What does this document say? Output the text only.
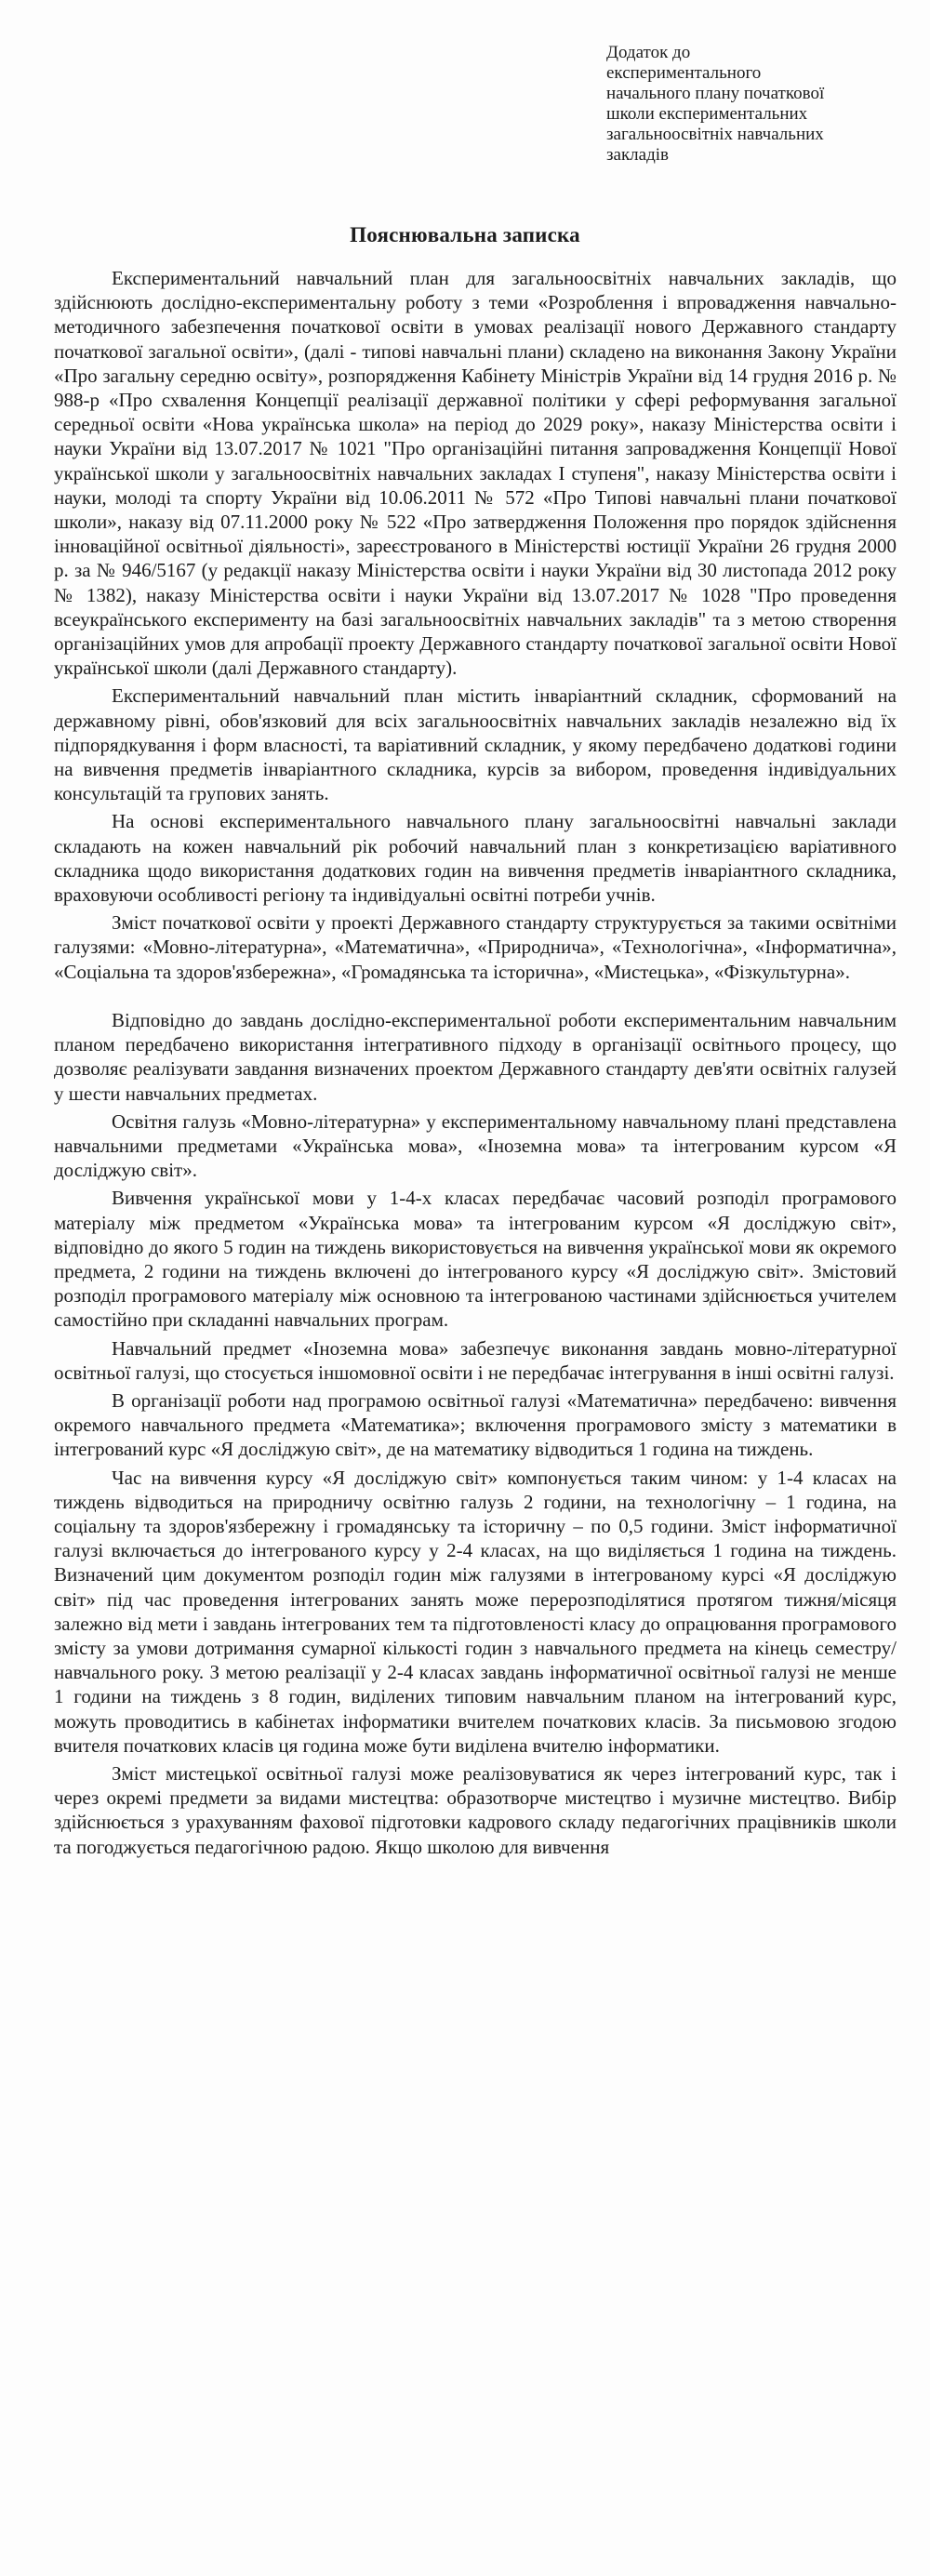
Додаток до
експериментального
начального плану початкової
школи експериментальних
загальноосвітніх навчальних
закладів
Пояснювальна записка

Експериментальний навчальний план для загальноосвітніх навчальних закладів, що здійснюють дослідно-експериментальну роботу з теми «Розроблення і впровадження навчально-методичного забезпечення початкової освіти в умовах реалізації нового Державного стандарту початкової загальної освіти», (далі - типові навчальні плани) складено на виконання Закону України «Про загальну середню освіту», розпорядження Кабінету Міністрів України від 14 грудня 2016 р. № 988-р «Про схвалення Концепції реалізації державної політики у сфері реформування загальної середньої освіти «Нова українська школа» на період до 2029 року», наказу Міністерства освіти і науки України від 13.07.2017 № 1021 "Про організаційні питання запровадження Концепції Нової української школи у загальноосвітніх навчальних закладах I ступеня", наказу Міністерства освіти і науки, молоді та спорту України від 10.06.2011 № 572 «Про Типові навчальні плани початкової школи», наказу від 07.11.2000 року № 522 «Про затвердження Положення про порядок здійснення інноваційної освітньої діяльності», зареєстрованого в Міністерстві юстиції України 26 грудня 2000 р. за № 946/5167 (у редакції наказу Міністерства освіти і науки України від 30 листопада 2012 року № 1382), наказу Міністерства освіти і науки України від 13.07.2017 № 1028 "Про проведення всеукраїнського експерименту на базі загальноосвітніх навчальних закладів" та з метою створення організаційних умов для апробації проекту Державного стандарту початкової загальної освіти Нової української школи (далі Державного стандарту).

Експериментальний навчальний план містить інваріантний складник, сформований на державному рівні, обов'язковий для всіх загальноосвітніх навчальних закладів незалежно від їх підпорядкування і форм власності, та варіативний складник, у якому передбачено додаткові години на вивчення предметів інваріантного складника, курсів за вибором, проведення індивідуальних консультацій та групових занять.

На основі експериментального навчального плану загальноосвітні навчальні заклади складають на кожен навчальний рік робочий навчальний план з конкретизацією варіативного складника щодо використання додаткових годин на вивчення предметів інваріантного складника, враховуючи особливості регіону та індивідуальні освітні потреби учнів.

Зміст початкової освіти у проекті Державного стандарту структурується за такими освітніми галузями: «Мовно-літературна», «Математична», «Природнича», «Технологічна», «Інформатична», «Соціальна та здоров'язбережна», «Громадянська та історична», «Мистецька», «Фізкультурна».

Відповідно до завдань дослідно-експериментальної роботи експериментальним навчальним планом передбачено використання інтегративного підходу в організації освітнього процесу, що дозволяє реалізувати завдання визначених проектом Державного стандарту дев'яти освітніх галузей у шести навчальних предметах.

Освітня галузь «Мовно-літературна» у експериментальному навчальному плані представлена навчальними предметами «Українська мова», «Іноземна мова» та інтегрованим курсом «Я досліджую світ».

Вивчення української мови у 1-4-х класах передбачає часовий розподіл програмового матеріалу між предметом «Українська мова» та інтегрованим курсом «Я досліджую світ», відповідно до якого 5 годин на тиждень використовується на вивчення української мови як окремого предмета, 2 години на тиждень включені до інтегрованого курсу «Я досліджую світ». Змістовий розподіл програмового матеріалу між основною та інтегрованою частинами здійснюється учителем самостійно при складанні навчальних програм.

Навчальний предмет «Іноземна мова» забезпечує виконання завдань мовно-літературної освітньої галузі, що стосується іншомовної освіти і не передбачає інтегрування в інші освітні галузі.

В організації роботи над програмою освітньої галузі «Математична» передбачено: вивчення окремого навчального предмета «Математика»; включення програмового змісту з математики в інтегрований курс «Я досліджую світ», де на математику відводиться 1 година на тиждень.

Час на вивчення курсу «Я досліджую світ» компонується таким чином: у 1-4 класах на тиждень відводиться на природничу освітню галузь 2 години, на технологічну – 1 година, на соціальну та здоров'язбережну і громадянську та історичну – по 0,5 години. Зміст інформатичної галузі включається до інтегрованого курсу у 2-4 класах, на що виділяється 1 година на тиждень. Визначений цим документом розподіл годин між галузями в інтегрованому курсі «Я досліджую світ» під час проведення інтегрованих занять може перерозподілятися протягом тижня/місяця залежно від мети і завдань інтегрованих тем та підготовленості класу до опрацювання програмового змісту за умови дотримання сумарної кількості годин з навчального предмета на кінець семестру/навчального року. З метою реалізації у 2-4 класах завдань інформатичної освітньої галузі не менше 1 години на тиждень з 8 годин, виділених типовим навчальним планом на інтегрований курс, можуть проводитись в кабінетах інформатики вчителем початкових класів. За письмовою згодою вчителя початкових класів ця година може бути виділена вчителю інформатики.

Зміст мистецької освітньої галузі може реалізовуватися як через інтегрований курс, так і через окремі предмети за видами мистецтва: образотворче мистецтво і музичне мистецтво. Вибір здійснюється з урахуванням фахової підготовки кадрового складу педагогічних працівників школи та погоджується педагогічною радою. Якщо школою для вивчення
